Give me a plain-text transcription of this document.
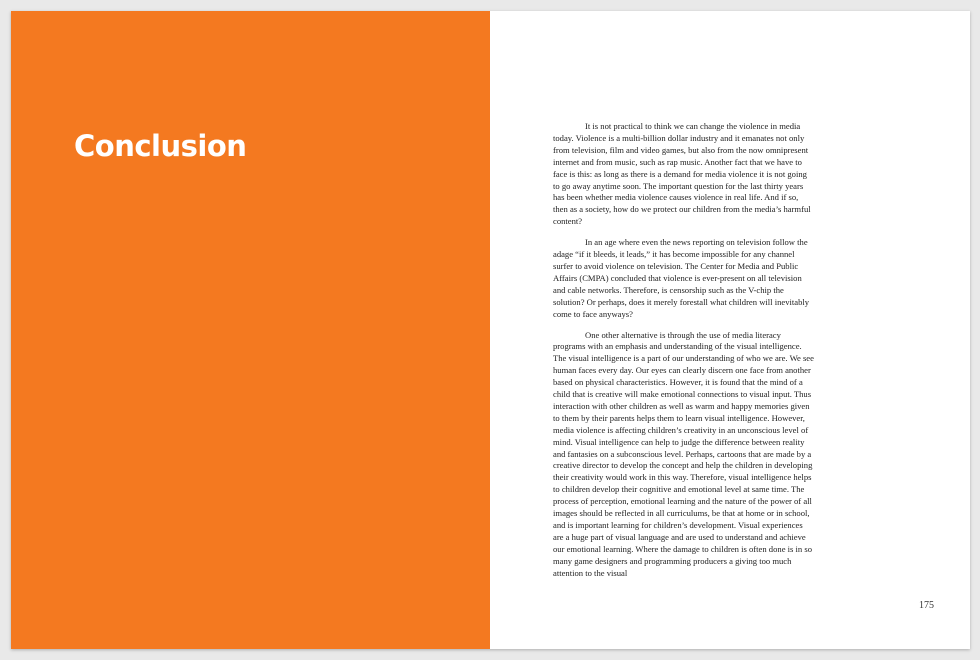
Conclusion

It is not practical to think we can change the violence in media today. Violence is a multi-billion dollar industry and it emanates not only from television, film and video games, but also from the now omnipresent internet and from music, such as rap music. Another fact that we have to face is this: as long as there is a demand for media violence it is not going to go away anytime soon. The important question for the last thirty years has been whether media violence causes violence in real life. And if so, then as a society, how do we protect our children from the media’s harmful content?

In an age where even the news reporting on television follow the adage “if it bleeds, it leads,” it has become impossible for any channel surfer to avoid violence on television. The Center for Media and Public Affairs (CMPA) concluded that violence is ever-present on all television and cable networks. Therefore, is censorship such as the V-chip the solution? Or perhaps, does it merely forestall what children will inevitably come to face anyways?

One other alternative is through the use of media literacy programs with an emphasis and understanding of the visual intelligence. The visual intelligence is a part of our understanding of who we are. We see human faces every day. Our eyes can clearly discern one face from another based on physical characteristics. However, it is found that the mind of a child that is creative will make emotional connections to visual input. Thus interaction with other children as well as warm and happy memories given to them by their parents helps them to learn visual intelligence. However, media violence is affecting children’s creativity in an unconscious level of mind. Visual intelligence can help to judge the difference between reality and fantasies on a subconscious level. Perhaps, cartoons that are made by a creative director to develop the concept and help the children in developing their creativity would work in this way. Therefore, visual intelligence helps to children develop their cognitive and emotional level at same time. The process of perception, emotional learning and the nature of the power of all images should be reflected in all curriculums, be that at home or in school, and is important learning for children’s development. Visual experiences are a huge part of visual language and are used to understand and achieve our emotional learning. Where the damage to children is often done is in so many game designers and programming producers a giving too much attention to the visual

175
